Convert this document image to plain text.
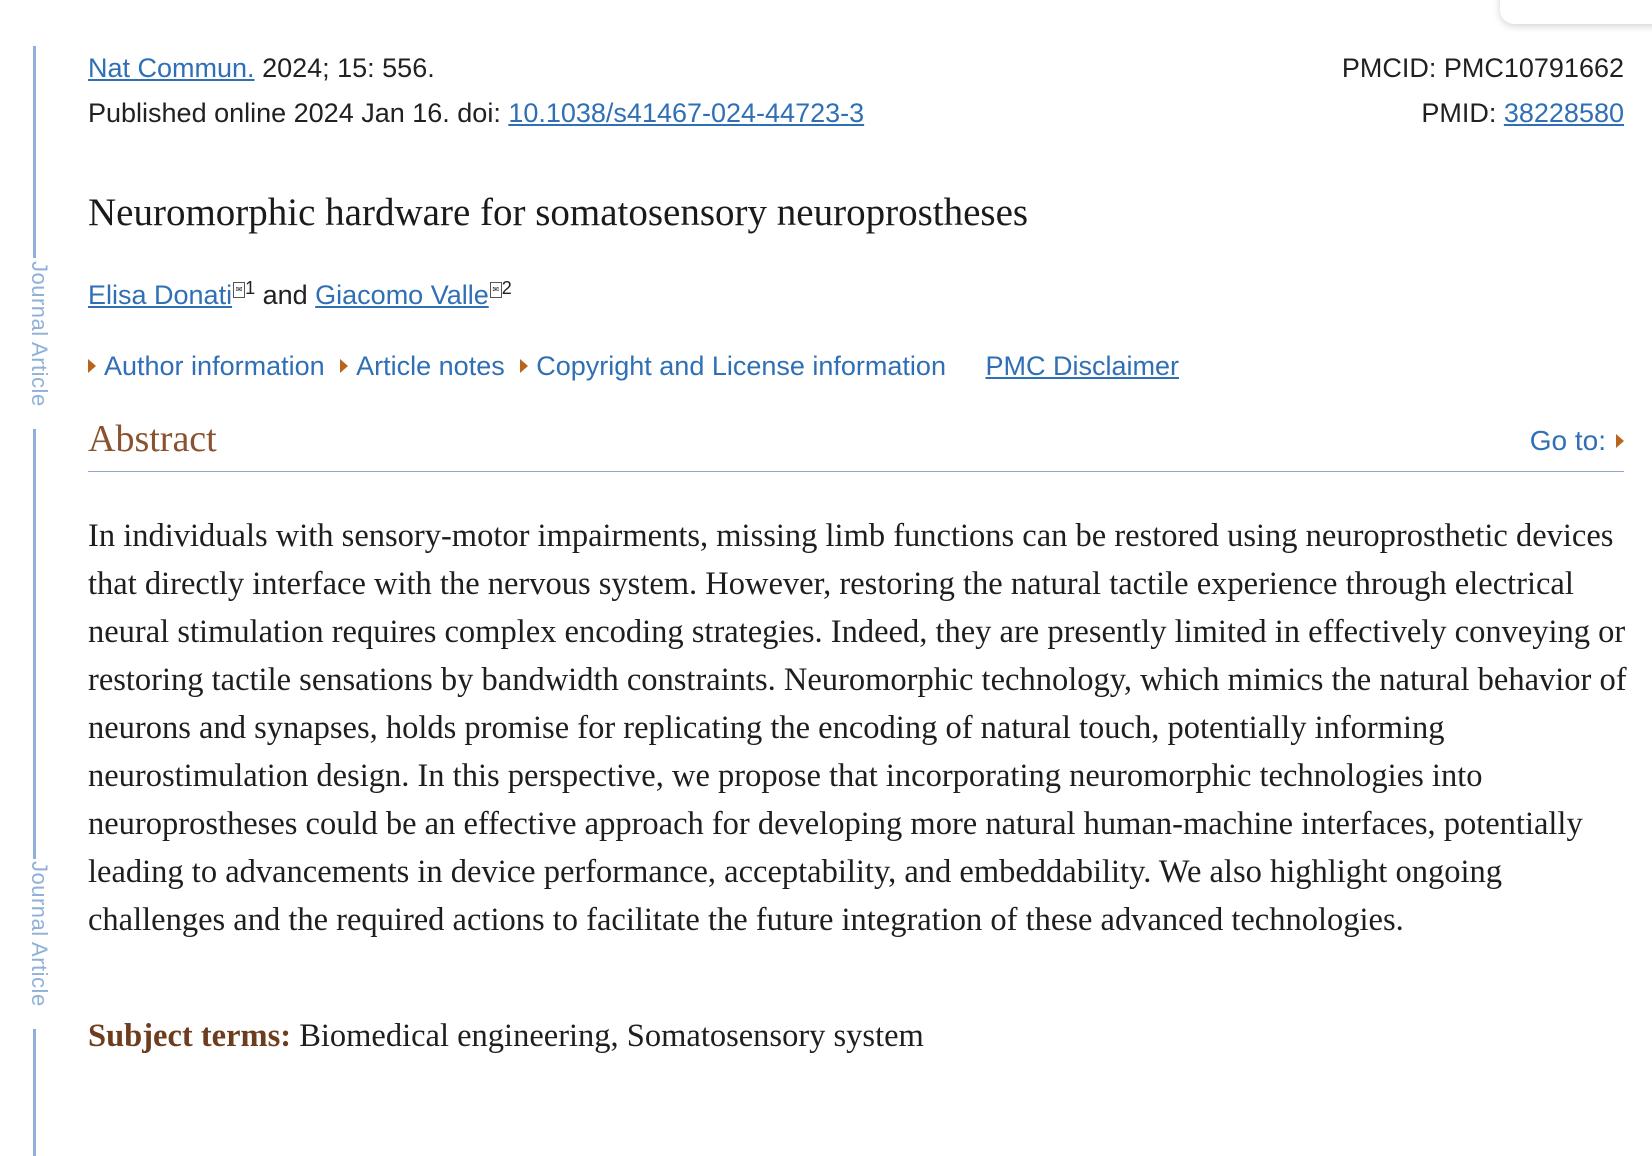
Journal Article
Journal Article
Nat Commun. 2024; 15: 556.	PMCID: PMC10791662
Published online 2024 Jan 16. doi: 10.1038/s41467-024-44723-3	PMID: 38228580
Neuromorphic hardware for somatosensory neuroprostheses
Elisa Donati ✉ $^1$ and Giacomo Valle ✉ $^2$
Author information Article notes Copyright and License information PMC Disclaimer
Abstract	Go to:

In individuals with sensory-motor impairments, missing limb functions can be restored using neuroprosthetic devices that directly interface with the nervous system. However, restoring the natural tactile experience through electrical neural stimulation requires complex encoding strategies. Indeed, they are presently limited in effectively conveying or restoring tactile sensations by bandwidth constraints. Neuromorphic technology, which mimics the natural behavior of neurons and synapses, holds promise for replicating the encoding of natural touch, potentially informing neurostimulation design. In this perspective, we propose that incorporating neuromorphic technologies into neuroprostheses could be an effective approach for developing more natural human-machine interfaces, potentially leading to advancements in device performance, acceptability, and embeddability. We also highlight ongoing challenges and the required actions to facilitate the future integration of these advanced technologies.

Subject terms: Biomedical engineering, Somatosensory system
